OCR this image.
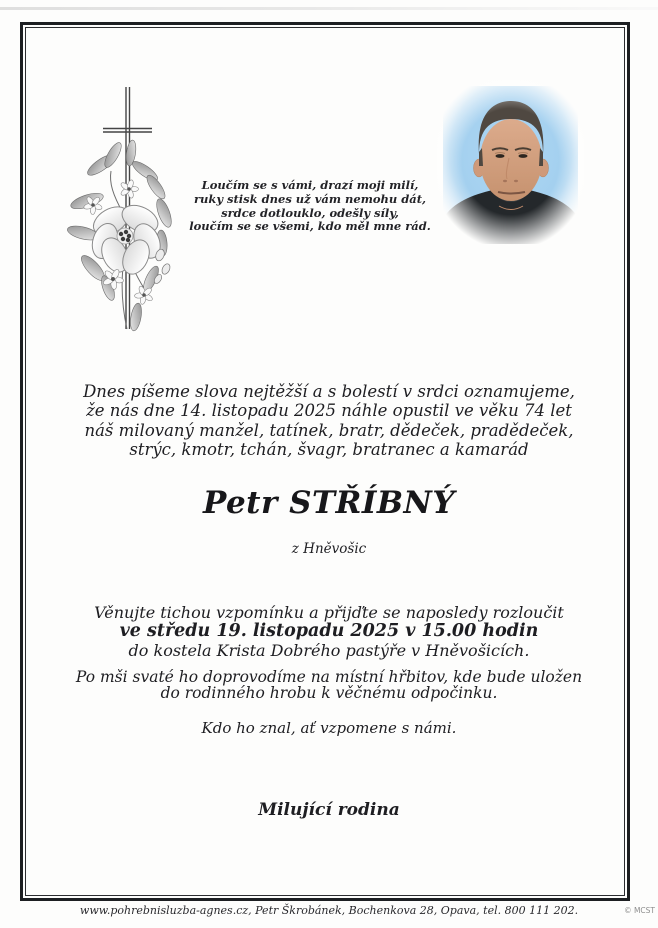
Loučím se s vámi, drazí moji milí,
ruky stisk dnes už vám nemohu dát,
srdce dotlouklo, odešly síly,
loučím se se všemi, kdo měl mne rád.
Dnes píšeme slova nejtěžší a s bolestí v srdci oznamujeme,
že nás dne 14. listopadu 2025 náhle opustil ve věku 74 let
náš milovaný manžel, tatínek, bratr, dědeček, pradědeček,
strýc, kmotr, tchán, švagr, bratranec a kamarád
Petr STŘÍBNÝ
z Hněvošic
Věnujte tichou vzpomínku a přijďte se naposledy rozloučit
ve středu 19. listopadu 2025 v 15.00 hodin
do kostela Krista Dobrého pastýře v Hněvošicích.
Po mši svaté ho doprovodíme na místní hřbitov, kde bude uložen
do rodinného hrobu k věčnému odpočinku.
Kdo ho znal, ať vzpomene s námi.
Milující rodina
www.pohrebnisluzba-agnes.cz, Petr Škrobánek, Bochenkova 28, Opava, tel. 800 111 202.	© MCST
